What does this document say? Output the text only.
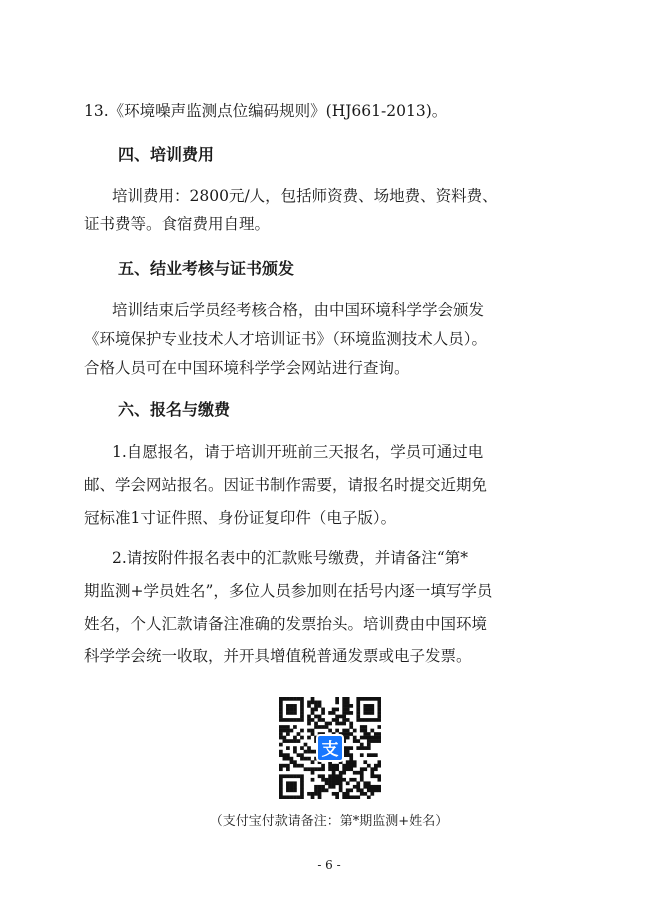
13.《环境噪声监测点位编码规则》(HJ661-2013)。
四、培训费用
培训费用：2800元/人，包括师资费、场地费、资料费、
证书费等。食宿费用自理。
五、结业考核与证书颁发
培训结束后学员经考核合格，由中国环境科学学会颁发
《环境保护专业技术人才培训证书》（环境监测技术人员）。
合格人员可在中国环境科学学会网站进行查询。
六、报名与缴费
1.自愿报名，请于培训开班前三天报名，学员可通过电
邮、学会网站报名。因证书制作需要，请报名时提交近期免
冠标准1寸证件照、身份证复印件（电子版）。
2.请按附件报名表中的汇款账号缴费，并请备注“第*
期监测+学员姓名”，多位人员参加则在括号内逐一填写学员
姓名，个人汇款请备注准确的发票抬头。培训费由中国环境
科学学会统一收取，并开具增值税普通发票或电子发票。
支
（支付宝付款请备注：第*期监测+姓名）
- 6 -
